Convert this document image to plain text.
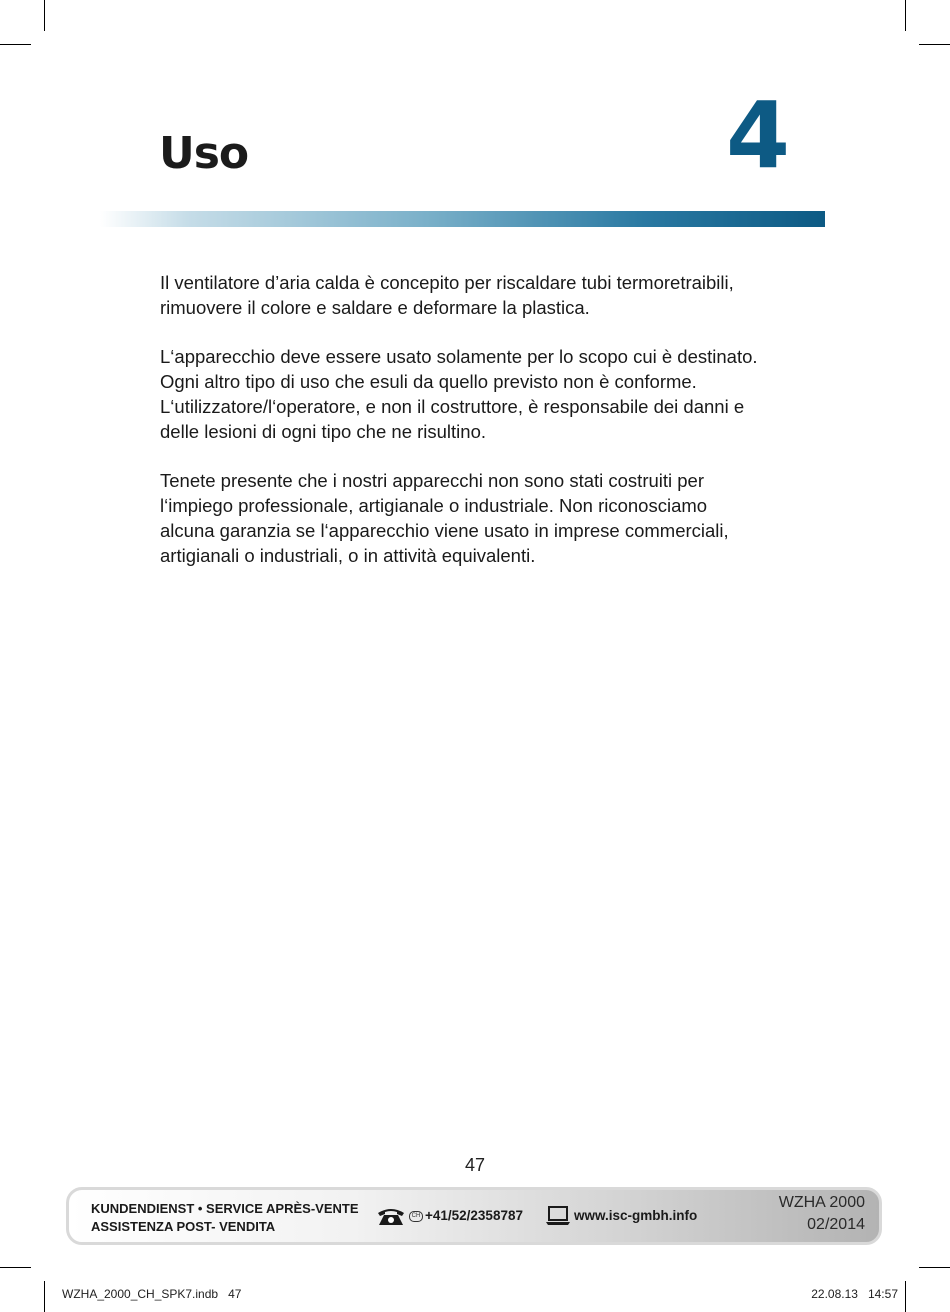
Uso	4

Il ventilatore d’aria calda è concepito per riscaldare tubi termoretraibili,
rimuovere il colore e saldare e deformare la plastica.

L‘apparecchio deve essere usato solamente per lo scopo cui è destinato.
Ogni altro tipo di uso che esuli da quello previsto non è conforme.
L‘utilizzatore/l‘operatore, e non il costruttore, è responsabile dei danni e
delle lesioni di ogni tipo che ne risultino.

Tenete presente che i nostri apparecchi non sono stati costruiti per
l‘impiego professionale, artigianale o industriale. Non riconosciamo
alcuna garanzia se l‘apparecchio viene usato in imprese commerciali,
artigianali o industriali, o in attività equivalenti.

47
KUNDENDIENST • SERVICE APRÈS-VENTE
ASSISTENZA POST- VENDITA
CH +41/52/2358787	www.isc-gmbh.info
WZHA 2000
02/2014
WZHA_2000_CH_SPK7.indb   47	22.08.13   14:57
